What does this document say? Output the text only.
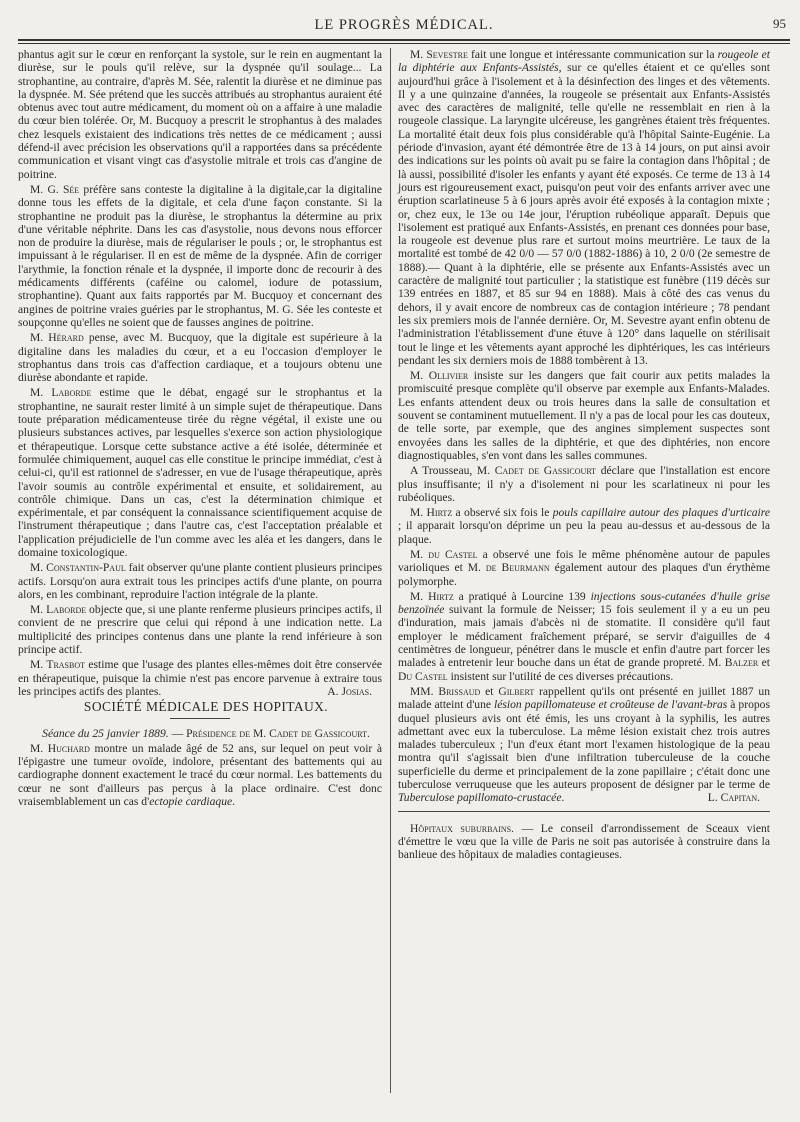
LE PROGRÈS MÉDICAL.	95

phantus agit sur le cœur en renforçant la systole, sur le rein en augmentant la diurèse, sur le pouls qu'il relève, sur la dyspnée qu'il soulage... La strophantine, au contraire, d'après M. Sée, ralentit la diurèse et ne diminue pas la dyspnée. M. Sée prétend que les succès attribués au strophantus auraient été obtenus avec tout autre médicament, du moment où on a affaire à une maladie du cœur bien tolérée. Or, M. Bucquoy a prescrit le strophantus à des malades chez lesquels existaient des indications très nettes de ce médicament ; aussi défend-il avec précision les observations qu'il a rapportées dans sa précédente communication et visant vingt cas d'asystolie mitrale et trois cas d'angine de poitrine.

M. G. Sée préfère sans conteste la digitaline à la digitale,car la digitaline donne tous les effets de la digitale, et cela d'une façon constante. Si la strophantine ne produit pas la diurèse, le strophantus la détermine au prix d'une véritable néphrite. Dans les cas d'asystolie, nous devons nous efforcer non de produire la diurèse, mais de régulariser le pouls ; or, le strophantus est impuissant à le régulariser. Il en est de même de la dyspnée. Afin de corriger l'arythmie, la fonction rénale et la dyspnée, il importe donc de recourir à des médicaments différents (caféine ou calomel, iodure de potassium, strophantine). Quant aux faits rapportés par M. Bucquoy et concernant des angines de poitrine vraies guéries par le strophantus, M. G. Sée les conteste et soupçonne qu'elles ne soient que de fausses angines de poitrine.

M. Hérard pense, avec M. Bucquoy, que la digitale est supérieure à la digitaline dans les maladies du cœur, et a eu l'occasion d'employer le strophantus dans trois cas d'affection cardiaque, et a toujours obtenu une diurèse abondante et rapide.

M. Laborde estime que le débat, engagé sur le strophantus et la strophantine, ne saurait rester limité à un simple sujet de thérapeutique. Dans toute préparation médicamenteuse tirée du règne végétal, il existe une ou plusieurs substances actives, par lesquelles s'exerce son action physiologique et thérapeutique. Lorsque cette substance active a été isolée, déterminée et formulée chimiquement, auquel cas elle constitue le principe immédiat, c'est à celui-ci, qu'il est rationnel de s'adresser, en vue de l'usage thérapeutique, après l'avoir soumis au contrôle expérimental et ensuite, et solidairement, au contrôle chimique. Dans un cas, c'est la détermination chimique et expérimentale, et par conséquent la connaissance scientifiquement acquise de l'instrument thérapeutique ; dans l'autre cas, c'est l'acceptation préalable et l'application préjudicielle de l'un comme avec les aléa et les dangers, dans le domaine toxicologique.

M. Constantin-Paul fait observer qu'une plante contient plusieurs principes actifs. Lorsqu'on aura extrait tous les principes actifs d'une plante, on pourra alors, en les combinant, reproduire l'action intégrale de la plante.

M. Laborde objecte que, si une plante renferme plusieurs principes actifs, il convient de ne prescrire que celui qui répond à une indication nette. La multiplicité des principes contenus dans une plante la rend inférieure à son principe actif.

M. Trasbot estime que l'usage des plantes elles-mêmes doit être conservée en thérapeutique, puisque la chimie n'est pas encore parvenue à extraire tous les principes actifs des plantes.	A. Josias.

SOCIÉTÉ MÉDICALE DES HOPITAUX.

Séance du 25 janvier 1889. — Présidence de M. Cadet de Gassicourt.

M. Huchard montre un malade âgé de 52 ans, sur lequel on peut voir à l'épigastre une tumeur ovoïde, indolore, présentant des battements qui au cardiographe donnent exactement le tracé du cœur normal. Les battements du cœur ne sont d'ailleurs pas perçus à la place ordinaire. C'est donc vraisemblablement un cas d'ectopie cardiaque.

M. Sevestre fait une longue et intéressante communication sur la rougeole et la diphtérie aux Enfants-Assistés, sur ce qu'elles étaient et ce qu'elles sont aujourd'hui grâce à l'isolement et à la désinfection des linges et des vêtements. Il y a une quinzaine d'années, la rougeole se présentait aux Enfants-Assistés avec des caractères de malignité, telle qu'elle ne ressemblait en rien à la rougeole classique. La laryngite ulcéreuse, les gangrènes étaient très fréquentes. La mortalité était deux fois plus considérable qu'à l'hôpital Sainte-Eugénie. La période d'invasion, ayant été démontrée être de 13 à 14 jours, on put ainsi avoir des indications sur les points où avait pu se faire la contagion dans l'hôpital ; de là aussi, possibilité d'isoler les enfants y ayant été exposés. Ce terme de 13 à 14 jours est rigoureusement exact, puisqu'on peut voir des enfants arriver avec une éruption scarlatineuse 5 à 6 jours après avoir été exposés à la contagion mixte ; or, chez eux, le 13e ou 14e jour, l'éruption rubéolique apparaît. Depuis que l'isolement est pratiqué aux Enfants-Assistés, en prenant ces données pour base, la rougeole est devenue plus rare et surtout moins meurtrière. Le taux de la mortalité est tombé de 42 0/0 — 57 0/0 (1882-1886) à 10, 2 0/0 (2e semestre de 1888).— Quant à la diphtérie, elle se présente aux Enfants-Assistés avec un caractère de malignité tout particulier ; la statistique est funèbre (119 décès sur 139 entrées en 1887, et 85 sur 94 en 1888). Mais à côté des cas venus du dehors, il y avait encore de nombreux cas de contagion intérieure ; 78 pendant les six premiers mois de l'année dernière. Or, M. Sevestre ayant enfin obtenu de l'administration l'établissement d'une étuve à 120° dans laquelle on stérilisait tout le linge et les vêtements ayant approché les diphtériques, les cas intérieurs pendant les six derniers mois de 1888 tombèrent à 13.

M. Ollivier insiste sur les dangers que fait courir aux petits malades la promiscuité presque complète qu'il observe par exemple aux Enfants-Malades. Les enfants attendent deux ou trois heures dans la salle de consultation et souvent se contaminent mutuellement. Il n'y a pas de local pour les cas douteux, de telle sorte, par exemple, que des angines simplement suspectes sont envoyées dans les salles de la diphtérie, et que des diphtéries, non encore diagnostiquables, s'en vont dans les salles communes.

A Trousseau, M. Cadet de Gassicourt déclare que l'installation est encore plus insuffisante; il n'y a d'isolement ni pour les scarlatineux ni pour les rubéoliques.

M. Hirtz a observé six fois le pouls capillaire autour des plaques d'urticaire ; il apparait lorsqu'on déprime un peu la peau au-dessus et au-dessous de la plaque.

M. du Castel a observé une fois le même phénomène autour de papules varioliques et M. de Beurmann également autour des plaques d'un érythème polymorphe.

M. Hirtz a pratiqué à Lourcine 139 injections sous-cutanées d'huile grise benzoïnée suivant la formule de Neisser; 15 fois seulement il y a eu un peu d'induration, mais jamais d'abcès ni de stomatite. Il considère qu'il faut employer le médicament fraîchement préparé, se servir d'aiguilles de 4 centimètres de longueur, pénétrer dans le muscle et enfin d'autre part forcer les malades à entretenir leur bouche dans un état de grande propreté. M. Balzer et Du Castel insistent sur l'utilité de ces diverses précautions.

MM. Brissaud et Gilbert rappellent qu'ils ont présenté en juillet 1887 un malade atteint d'une lésion papillomateuse et croûteuse de l'avant-bras à propos duquel plusieurs avis ont été émis, les uns croyant à la syphilis, les autres admettant avec eux la tuberculose. La même lésion existait chez trois autres malades tuberculeux ; l'un d'eux étant mort l'examen histologique de la peau montra qu'il s'agissait bien d'une infiltration tuberculeuse de la couche superficielle du derme et principalement de la zone papillaire ; c'était donc une tuberculose verruqueuse que les auteurs proposent de désigner par le terme de Tuberculose papillomato-crustacée.	L. Capitan.

Hôpitaux suburbains. — Le conseil d'arrondissement de Sceaux vient d'émettre le vœu que la ville de Paris ne soit pas autorisée à construire dans la banlieue des hôpitaux de maladies contagieuses.
